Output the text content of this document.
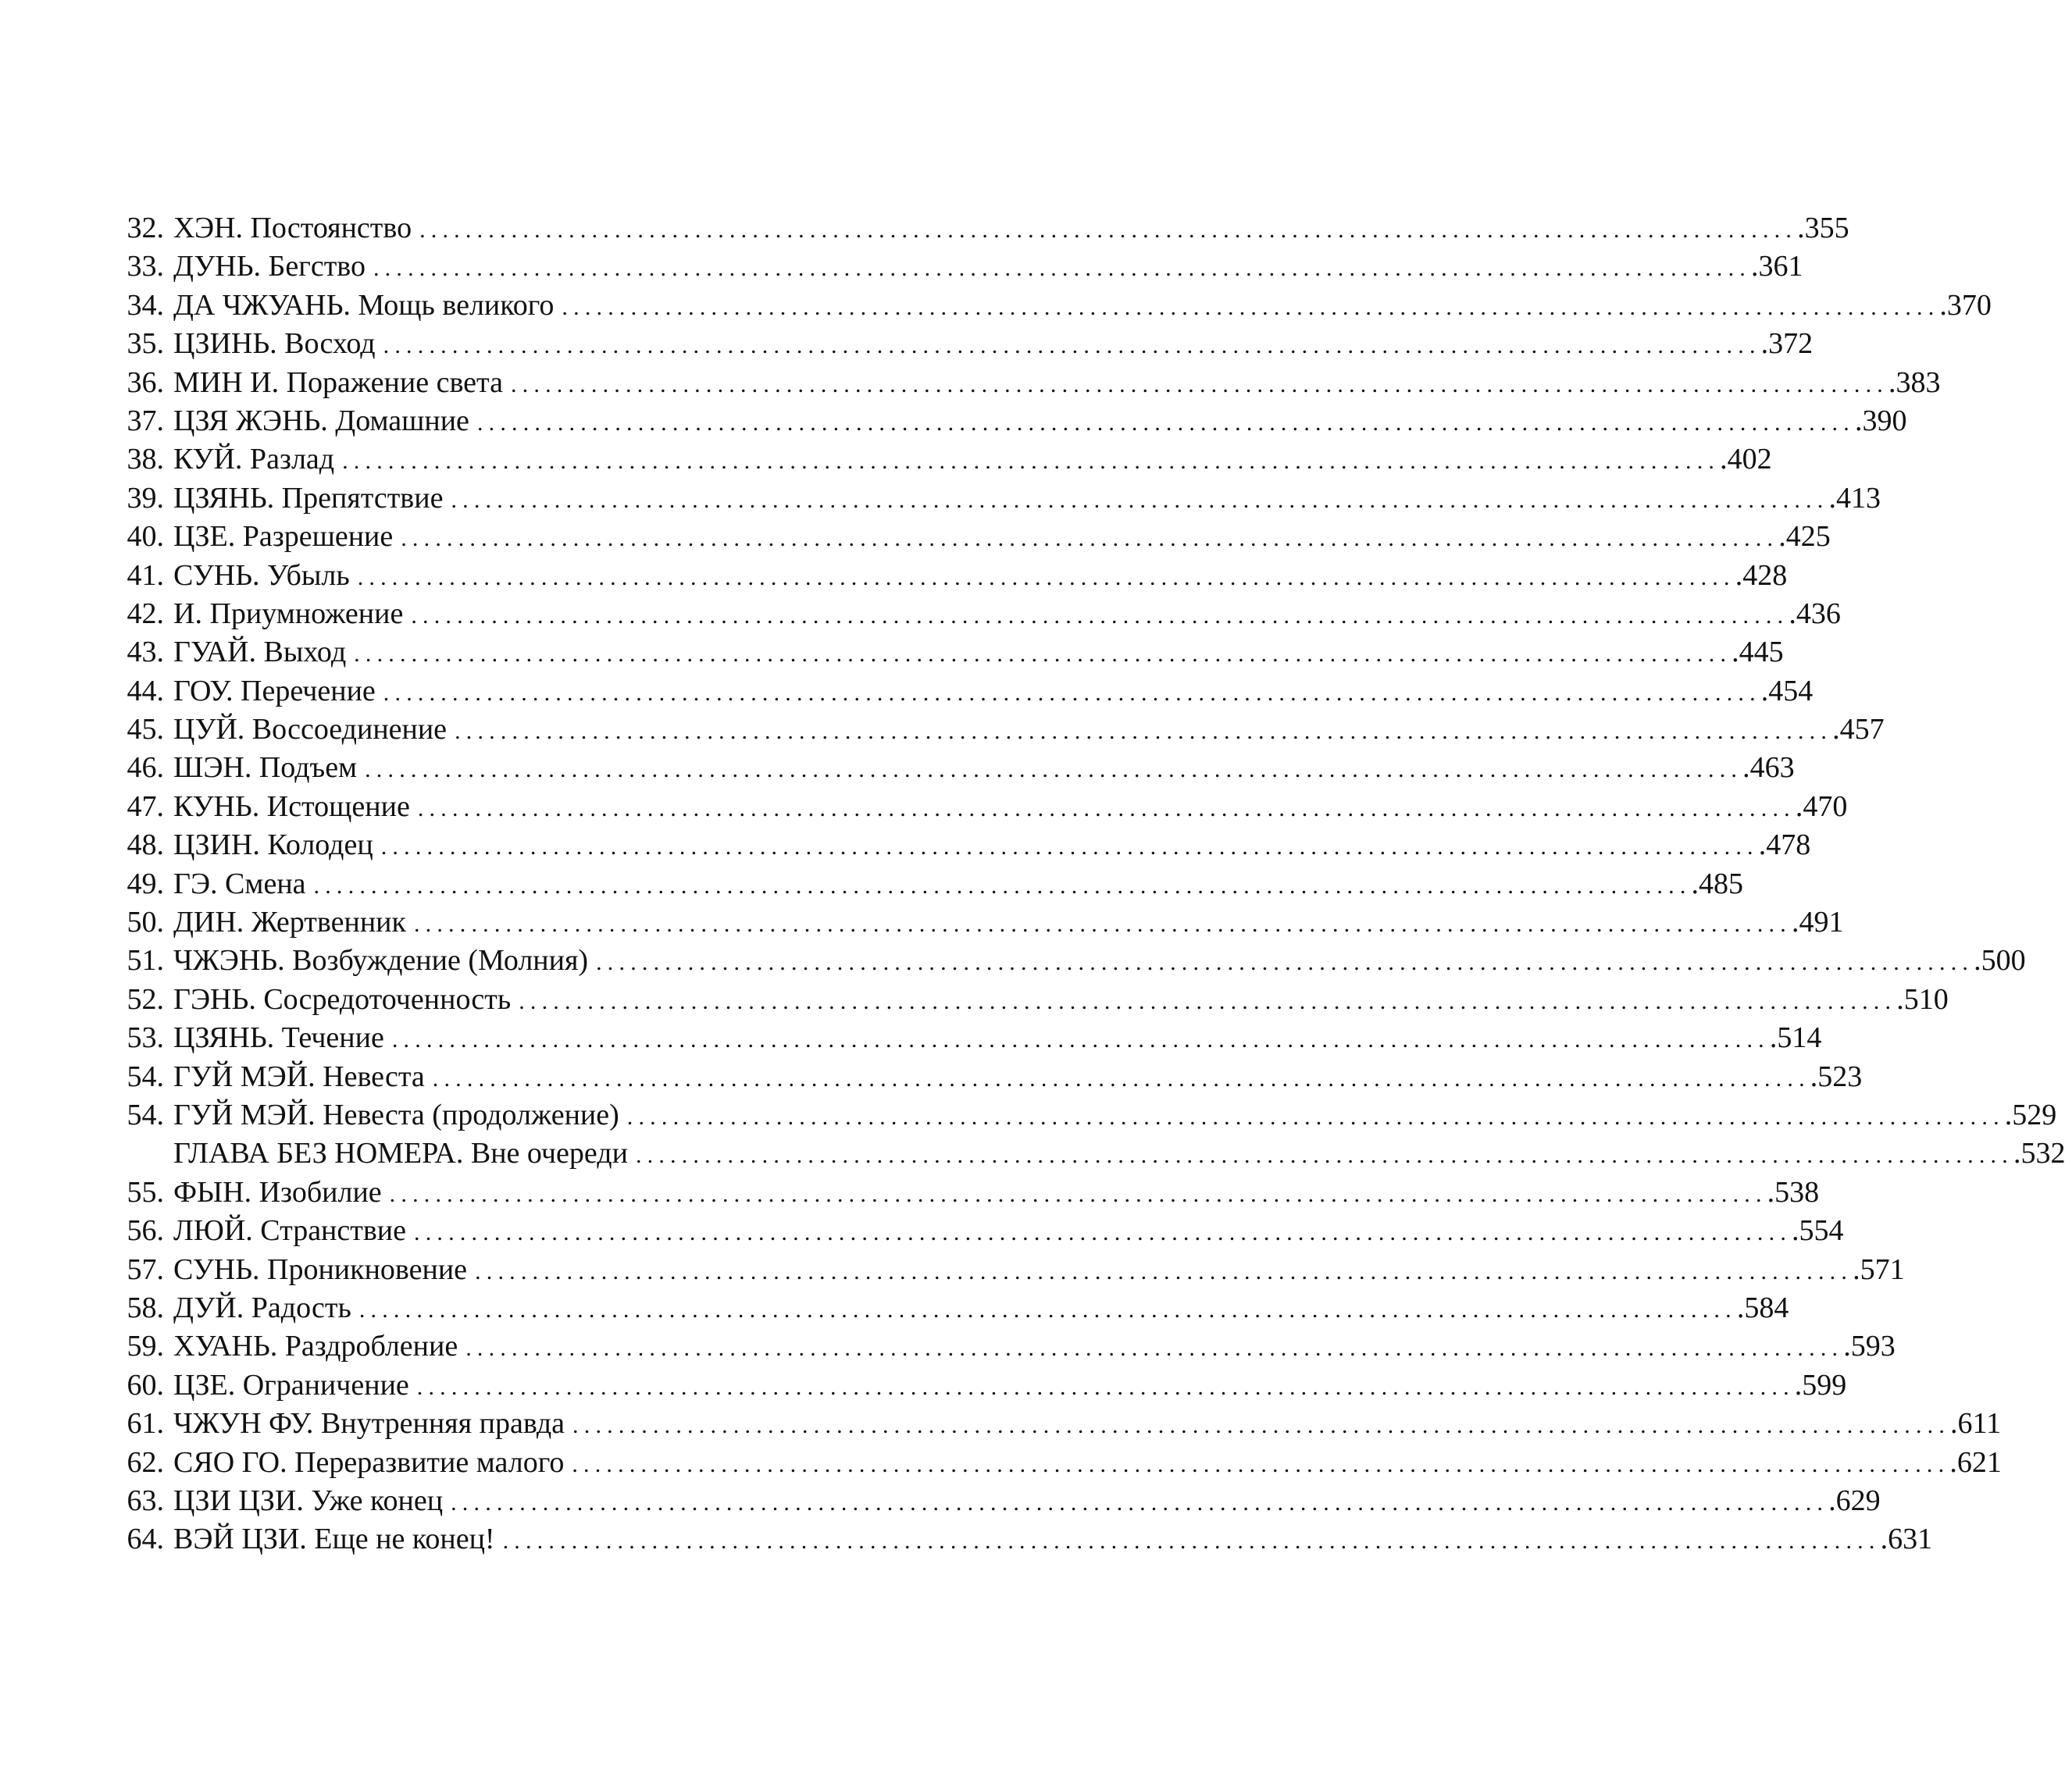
32. ХЭН. Постоянство ........................................................................................................................ .355
33. ДУНЬ. Бегство ........................................................................................................................ .361
34. ДА ЧЖУАНЬ. Мощь великого ........................................................................................................................ .370
35. ЦЗИНЬ. Восход ........................................................................................................................ .372
36. МИН И. Поражение света ........................................................................................................................ .383
37. ЦЗЯ ЖЭНЬ. Домашние ........................................................................................................................ .390
38. КУЙ. Разлад ........................................................................................................................ .402
39. ЦЗЯНЬ. Препятствие ........................................................................................................................ .413
40. ЦЗЕ. Разрешение ........................................................................................................................ .425
41. СУНЬ. Убыль ........................................................................................................................ .428
42. И. Приумножение ........................................................................................................................ .436
43. ГУАЙ. Выход ........................................................................................................................ .445
44. ГОУ. Перечение ........................................................................................................................ .454
45. ЦУЙ. Воссоединение ........................................................................................................................ .457
46. ШЭН. Подъем ........................................................................................................................ .463
47. КУНЬ. Истощение ........................................................................................................................ .470
48. ЦЗИН. Колодец ........................................................................................................................ .478
49. ГЭ. Смена ........................................................................................................................ .485
50. ДИН. Жертвенник ........................................................................................................................ .491
51. ЧЖЭНЬ. Возбуждение (Молния) ........................................................................................................................ .500
52. ГЭНЬ. Сосредоточенность ........................................................................................................................ .510
53. ЦЗЯНЬ. Течение ........................................................................................................................ .514
54. ГУЙ МЭЙ. Невеста ........................................................................................................................ .523
54. ГУЙ МЭЙ. Невеста (продолжение) ........................................................................................................................ .529
ГЛАВА БЕЗ НОМЕРА. Вне очереди ........................................................................................................................ .532
55. ФЫН. Изобилие ........................................................................................................................ .538
56. ЛЮЙ. Странствие ........................................................................................................................ .554
57. СУНЬ. Проникновение ........................................................................................................................ .571
58. ДУЙ. Радость ........................................................................................................................ .584
59. ХУАНЬ. Раздробление ........................................................................................................................ .593
60. ЦЗЕ. Ограничение ........................................................................................................................ .599
61. ЧЖУН ФУ. Внутренняя правда ........................................................................................................................ .611
62. СЯО ГО. Переразвитие малого ........................................................................................................................ .621
63. ЦЗИ ЦЗИ. Уже конец ........................................................................................................................ .629
64. ВЭЙ ЦЗИ. Еще не конец! ........................................................................................................................ .631
